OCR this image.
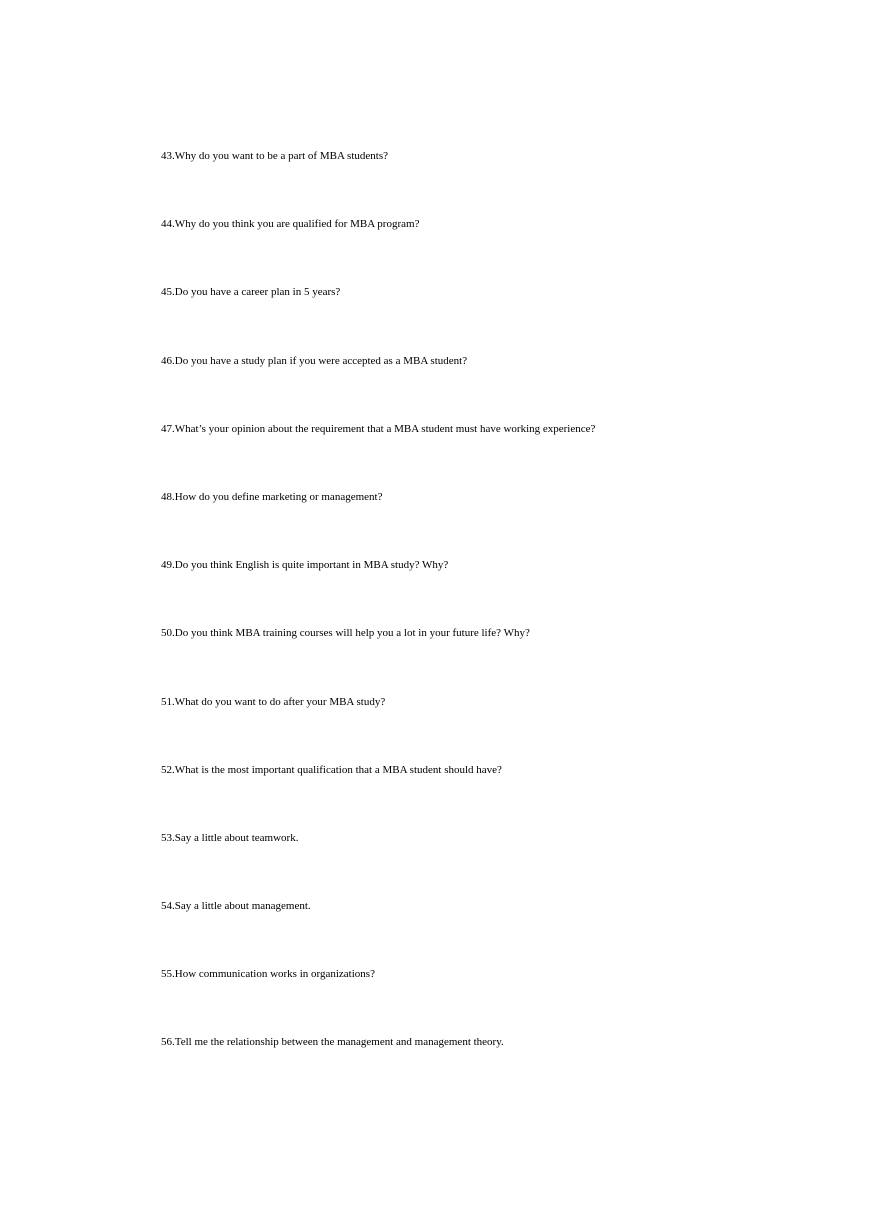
43.Why do you want to be a part of MBA students?
44.Why do you think you are qualified for MBA program?
45.Do you have a career plan in 5 years?
46.Do you have a study plan if you were accepted as a MBA student?
47.What’s your opinion about the requirement that a MBA student must have working experience?
48.How do you define marketing or management?
49.Do you think English is quite important in MBA study? Why?
50.Do you think MBA training courses will help you a lot in your future life? Why?
51.What do you want to do after your MBA study?
52.What is the most important qualification that a MBA student should have?
53.Say a little about teamwork.
54.Say a little about management.
55.How communication works in organizations?
56.Tell me the relationship between the management and management theory.
